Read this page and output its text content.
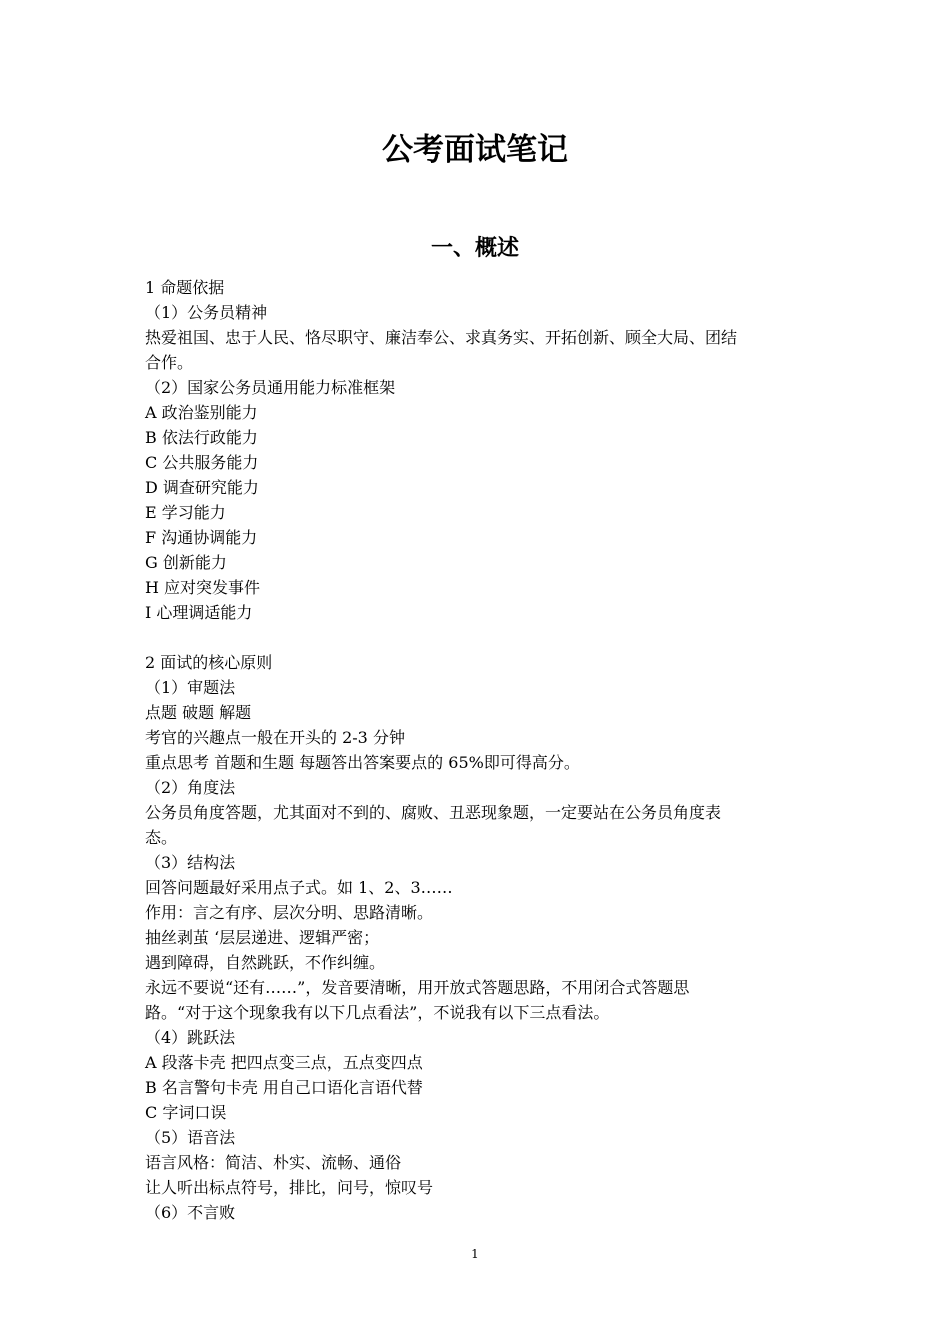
公考面试笔记
一、概述
1 命题依据
（1）公务员精神
热爱祖国、忠于人民、恪尽职守、廉洁奉公、求真务实、开拓创新、顾全大局、团结
合作。
（2）国家公务员通用能力标准框架
A 政治鉴别能力
B 依法行政能力
C 公共服务能力
D 调查研究能力
E 学习能力
F 沟通协调能力
G 创新能力
H 应对突发事件
I 心理调适能力
2 面试的核心原则
（1）审题法
点题 破题 解题
考官的兴趣点一般在开头的 2-3 分钟
重点思考 首题和生题 每题答出答案要点的 65%即可得高分。
（2）角度法
公务员角度答题，尤其面对不到的、腐败、丑恶现象题，一定要站在公务员角度表
态。
（3）结构法
回答问题最好采用点子式。如 1、2、3……
作用：言之有序、层次分明、思路清晰。
抽丝剥茧 ‘层层递进、逻辑严密；
遇到障碍，自然跳跃，不作纠缠。
永远不要说“还有……”，发音要清晰，用开放式答题思路，不用闭合式答题思
路。“对于这个现象我有以下几点看法”，不说我有以下三点看法。
（4）跳跃法
A 段落卡壳 把四点变三点，五点变四点
B 名言警句卡壳 用自己口语化言语代替
C 字词口误
（5）语音法
语言风格：简洁、朴实、流畅、通俗
让人听出标点符号，排比，问号，惊叹号
（6）不言败
1
